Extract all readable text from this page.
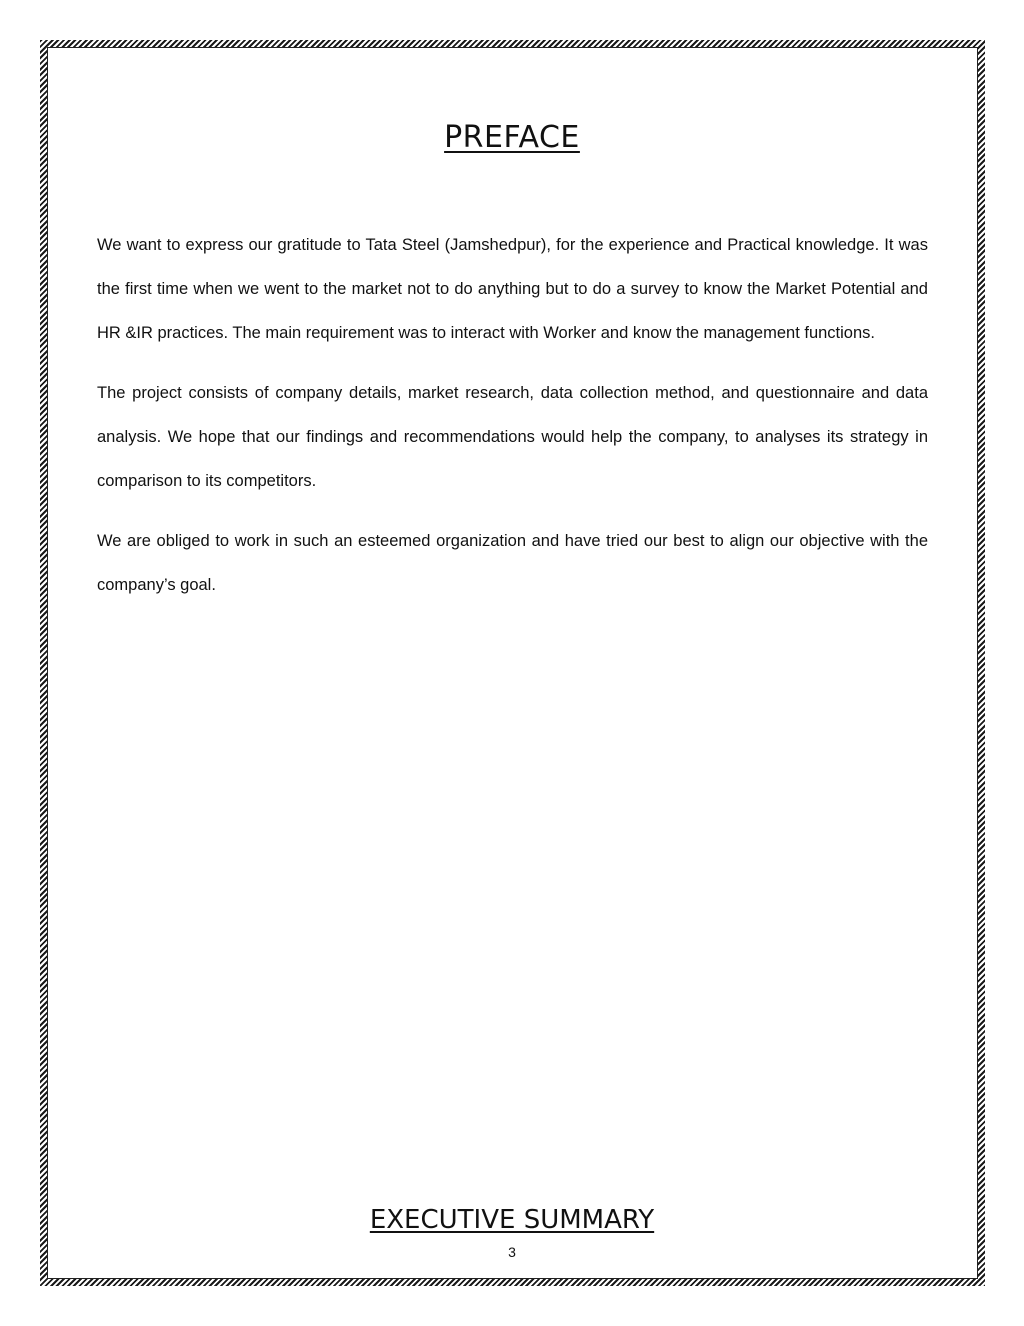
PREFACE

We want to express our gratitude to Tata Steel (Jamshedpur), for the experience and Practical knowledge. It was the first time when we went to the market not to do anything but to do a survey to know the Market Potential and HR &IR practices. The main requirement was to interact with Worker and know the management functions.

The project consists of company details, market research, data collection method, and questionnaire and data analysis. We hope that our findings and recommendations would help the company, to analyses its strategy in comparison to its competitors.

We are obliged to work in such an esteemed organization and have tried our best to align our objective with the company’s goal.

EXECUTIVE SUMMARY
3
